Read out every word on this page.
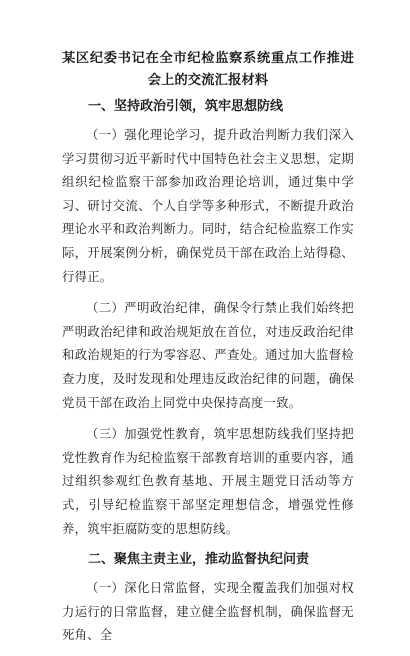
某区纪委书记在全市纪检监察系统重点工作推进会上的交流汇报材料
一、坚持政治引领，筑牢思想防线

（一）强化理论学习，提升政治判断力我们深入学习贯彻习近平新时代中国特色社会主义思想，定期组织纪检监察干部参加政治理论培训，通过集中学习、研讨交流、个人自学等多种形式，不断提升政治理论水平和政治判断力。同时，结合纪检监察工作实际，开展案例分析，确保党员干部在政治上站得稳、行得正。

（二）严明政治纪律，确保令行禁止我们始终把严明政治纪律和政治规矩放在首位，对违反政治纪律和政治规矩的行为零容忍、严查处。通过加大监督检查力度，及时发现和处理违反政治纪律的问题，确保党员干部在政治上同党中央保持高度一致。

（三）加强党性教育，筑牢思想防线我们坚持把党性教育作为纪检监察干部教育培训的重要内容，通过组织参观红色教育基地、开展主题党日活动等方式，引导纪检监察干部坚定理想信念，增强党性修养，筑牢拒腐防变的思想防线。

二、聚焦主责主业，推动监督执纪问责

（一）深化日常监督，实现全覆盖我们加强对权力运行的日常监督，建立健全监督机制，确保监督无死角、全
